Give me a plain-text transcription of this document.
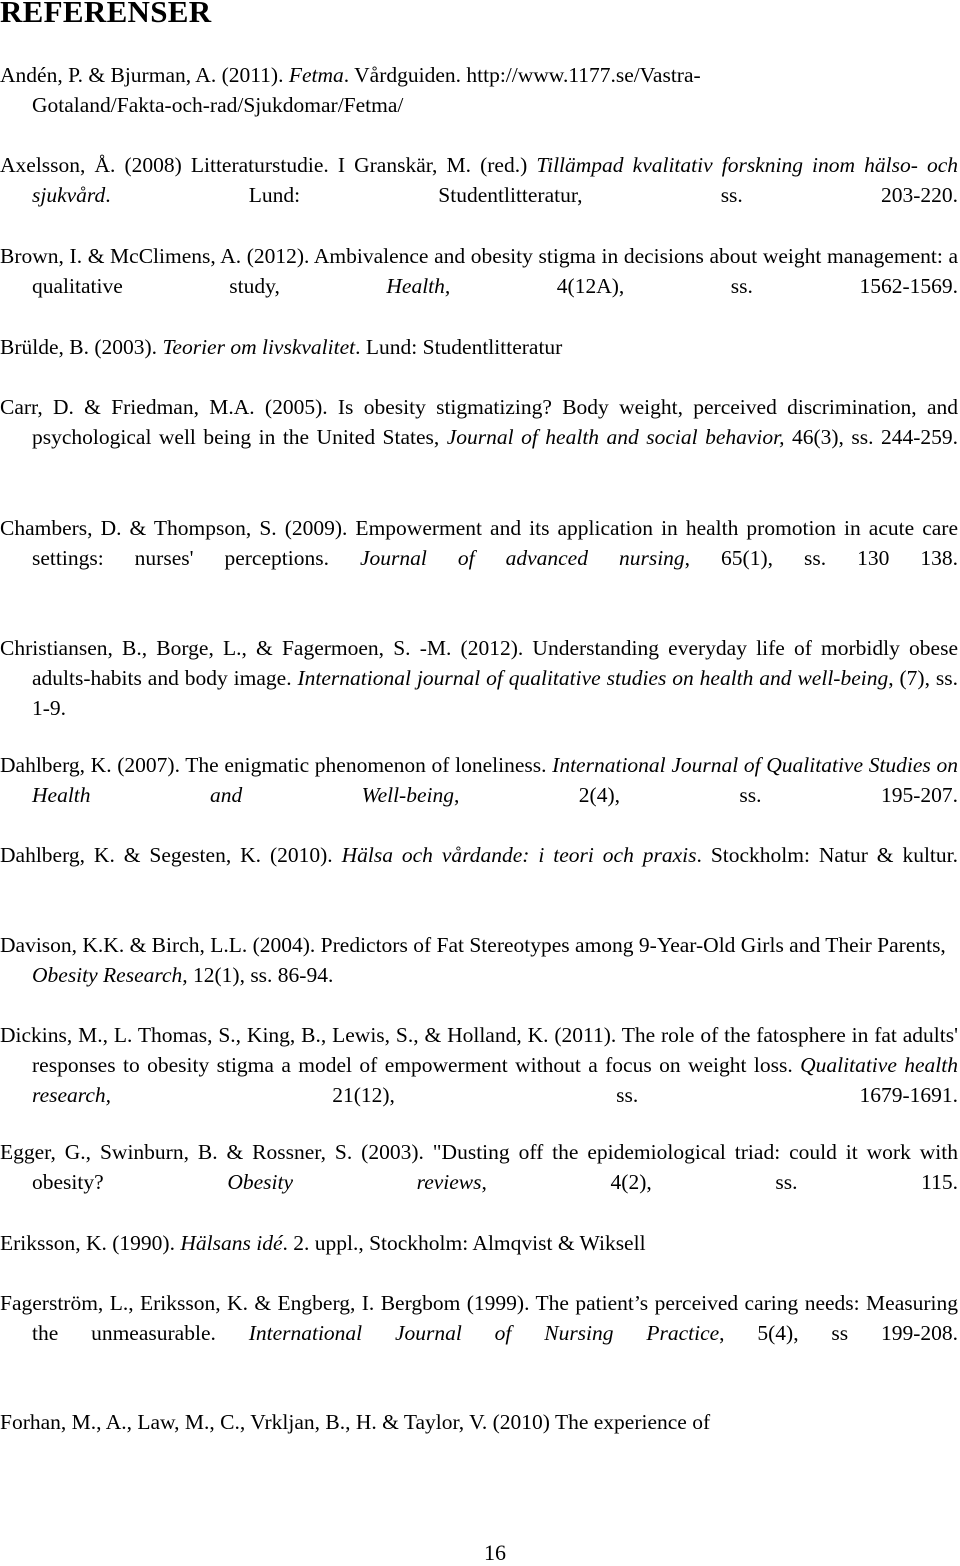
REFERENSER

Andén, P. & Bjurman, A. (2011). Fetma. Vårdguiden. http://www.1177.se/Vastra-Gotaland/Fakta-och-rad/Sjukdomar/Fetma/

Axelsson, Å. (2008) Litteraturstudie. I Granskär, M. (red.) Tillämpad kvalitativ forskning inom hälso- och sjukvård. Lund: Studentlitteratur, ss. 203-220.

Brown, I. & McClimens, A. (2012). Ambivalence and obesity stigma in decisions about weight management: a qualitative study, Health, 4(12A), ss. 1562-1569.

Brülde, B. (2003). Teorier om livskvalitet. Lund: Studentlitteratur

Carr, D. & Friedman, M.A. (2005). Is obesity stigmatizing? Body weight, perceived discrimination, and psychological well being in the United States, Journal of health and social behavior, 46(3), ss. 244-259.

Chambers, D. & Thompson, S. (2009). Empowerment and its application in health promotion in acute care settings: nurses' perceptions. Journal of advanced nursing, 65(1), ss. 130 138.

Christiansen, B., Borge, L., & Fagermoen, S. -M. (2012). Understanding everyday life of morbidly obese adults-habits and body image. International journal of qualitative studies on health and well-being, (7), ss. 1-9.

Dahlberg, K. (2007). The enigmatic phenomenon of loneliness. International Journal of Qualitative Studies on Health and Well-being, 2(4), ss. 195-207.

Dahlberg, K. & Segesten, K. (2010). Hälsa och vårdande: i teori och praxis. Stockholm: Natur & kultur.

Davison, K.K. & Birch, L.L. (2004). Predictors of Fat Stereotypes among 9-Year-Old Girls and Their Parents, Obesity Research, 12(1), ss. 86-94.

Dickins, M., L. Thomas, S., King, B., Lewis, S., & Holland, K. (2011). The role of the fatosphere in fat adults' responses to obesity stigma a model of empowerment without a focus on weight loss. Qualitative health research, 21(12), ss. 1679-1691.

Egger, G., Swinburn, B. & Rossner, S. (2003). "Dusting off the epidemiological triad: could it work with obesity? Obesity reviews, 4(2), ss. 115.

Eriksson, K. (1990). Hälsans idé. 2. uppl., Stockholm: Almqvist & Wiksell

Fagerström, L., Eriksson, K. & Engberg, I. Bergbom (1999). The patient’s perceived caring needs: Measuring the unmeasurable. International Journal of Nursing Practice, 5(4), ss 199-208.

Forhan, M., A., Law, M., C., Vrkljan, B., H. & Taylor, V. (2010) The experience of

16
